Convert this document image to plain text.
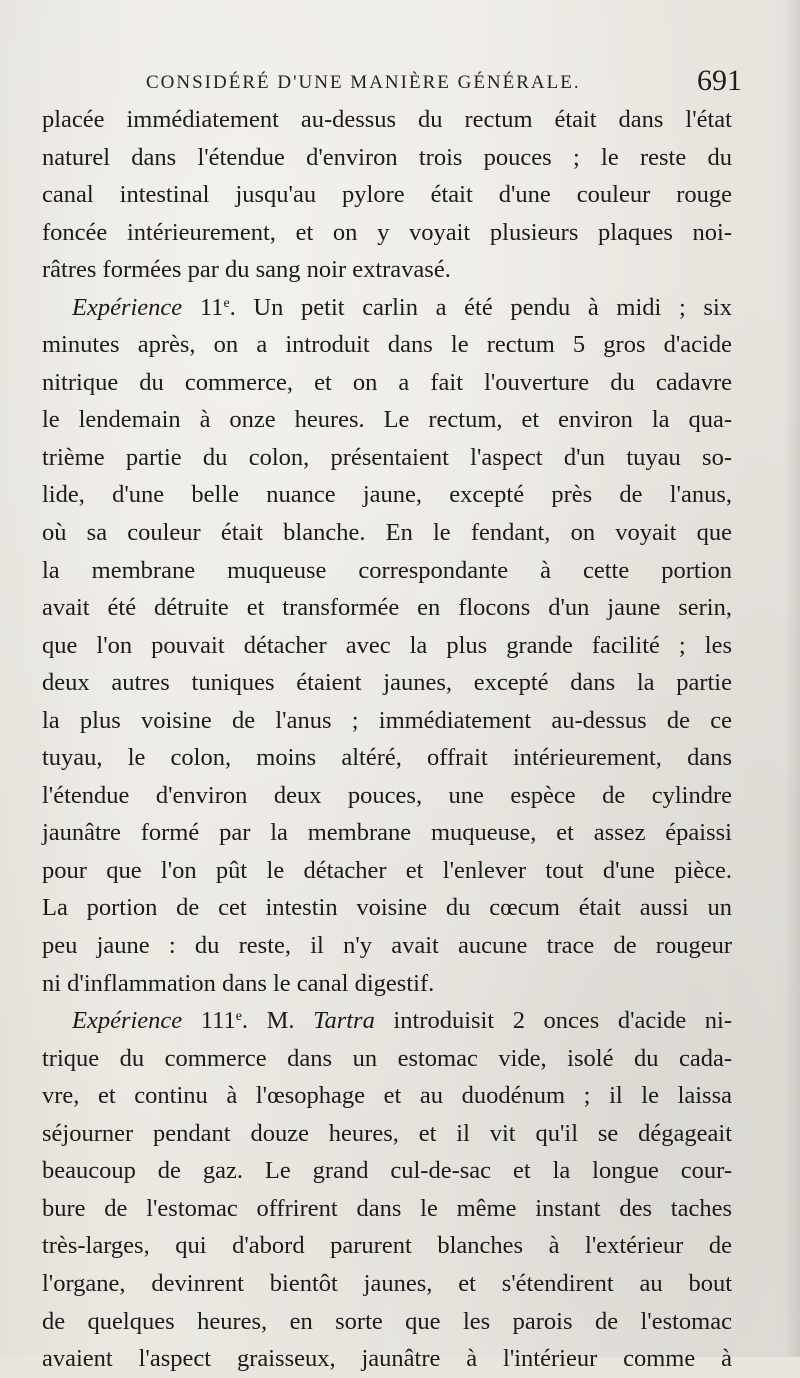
CONSIDÉRÉ D'UNE MANIÈRE GÉNÉRALE.	691
placée immédiatement au-dessus du rectum était dans l'état
naturel dans l'étendue d'environ trois pouces ; le reste du
canal intestinal jusqu'au pylore était d'une couleur rouge
foncée intérieurement, et on y voyait plusieurs plaques noi-
râtres formées par du sang noir extravasé.
Expérience 11e. Un petit carlin a été pendu à midi ; six
minutes après, on a introduit dans le rectum 5 gros d'acide
nitrique du commerce, et on a fait l'ouverture du cadavre
le lendemain à onze heures. Le rectum, et environ la qua-
trième partie du colon, présentaient l'aspect d'un tuyau so-
lide, d'une belle nuance jaune, excepté près de l'anus,
où sa couleur était blanche. En le fendant, on voyait que
la membrane muqueuse correspondante à cette portion
avait été détruite et transformée en flocons d'un jaune serin,
que l'on pouvait détacher avec la plus grande facilité ; les
deux autres tuniques étaient jaunes, excepté dans la partie
la plus voisine de l'anus ; immédiatement au-dessus de ce
tuyau, le colon, moins altéré, offrait intérieurement, dans
l'étendue d'environ deux pouces, une espèce de cylindre
jaunâtre formé par la membrane muqueuse, et assez épaissi
pour que l'on pût le détacher et l'enlever tout d'une pièce.
La portion de cet intestin voisine du cœcum était aussi un
peu jaune : du reste, il n'y avait aucune trace de rougeur
ni d'inflammation dans le canal digestif.
Expérience 111e. M. Tartra introduisit 2 onces d'acide ni-
trique du commerce dans un estomac vide, isolé du cada-
vre, et continu à l'œsophage et au duodénum ; il le laissa
séjourner pendant douze heures, et il vit qu'il se dégageait
beaucoup de gaz. Le grand cul-de-sac et la longue cour-
bure de l'estomac offrirent dans le même instant des taches
très-larges, qui d'abord parurent blanches à l'extérieur de
l'organe, devinrent bientôt jaunes, et s'étendirent au bout
de quelques heures, en sorte que les parois de l'estomac
avaient l'aspect graisseux, jaunâtre à l'intérieur comme à
